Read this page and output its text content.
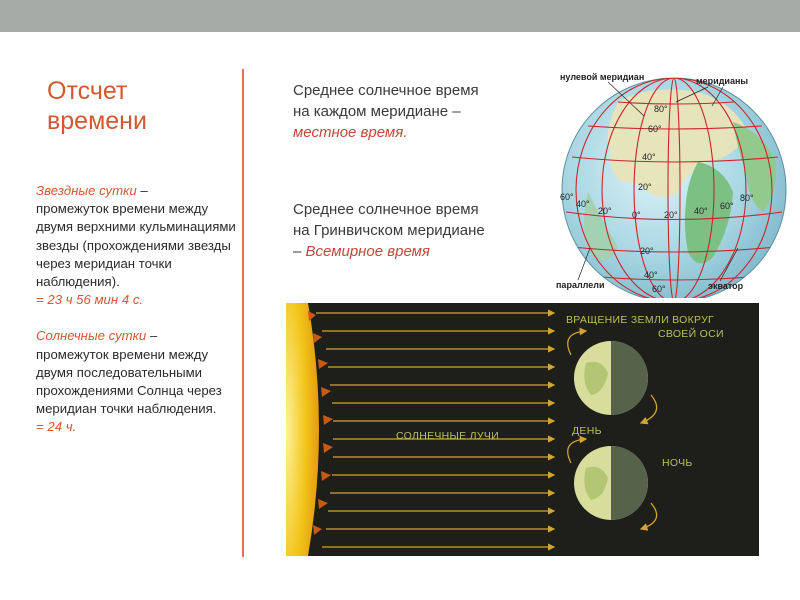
Отсчет
времени

Звездные сутки –
промежуток времени между двумя верхними кульминациями звезды (прохождениями звезды через меридиан точки наблюдения).

= 23 ч 56 мин 4 с.

Солнечные сутки –
промежуток времени между двумя последовательными прохождениями Солнца через меридиан точки наблюдения.

= 24 ч.

Среднее солнечное время
на каждом меридиане –
местное время.
Среднее солнечное время
на Гринвичском меридиане
– Всемирное время
нулевой меридиан	меридианы
параллели	экватор
80°
60°
40°
20°
20°
40°
60°
60°
40°
20° 0°	20° 40° 60°
80°
ВРАЩЕНИЕ ЗЕМЛИ ВОКРУГ
СВОЕЙ ОСИ
СОЛНЕЧНЫЕ ЛУЧИ	ДЕНЬ
НОЧЬ
